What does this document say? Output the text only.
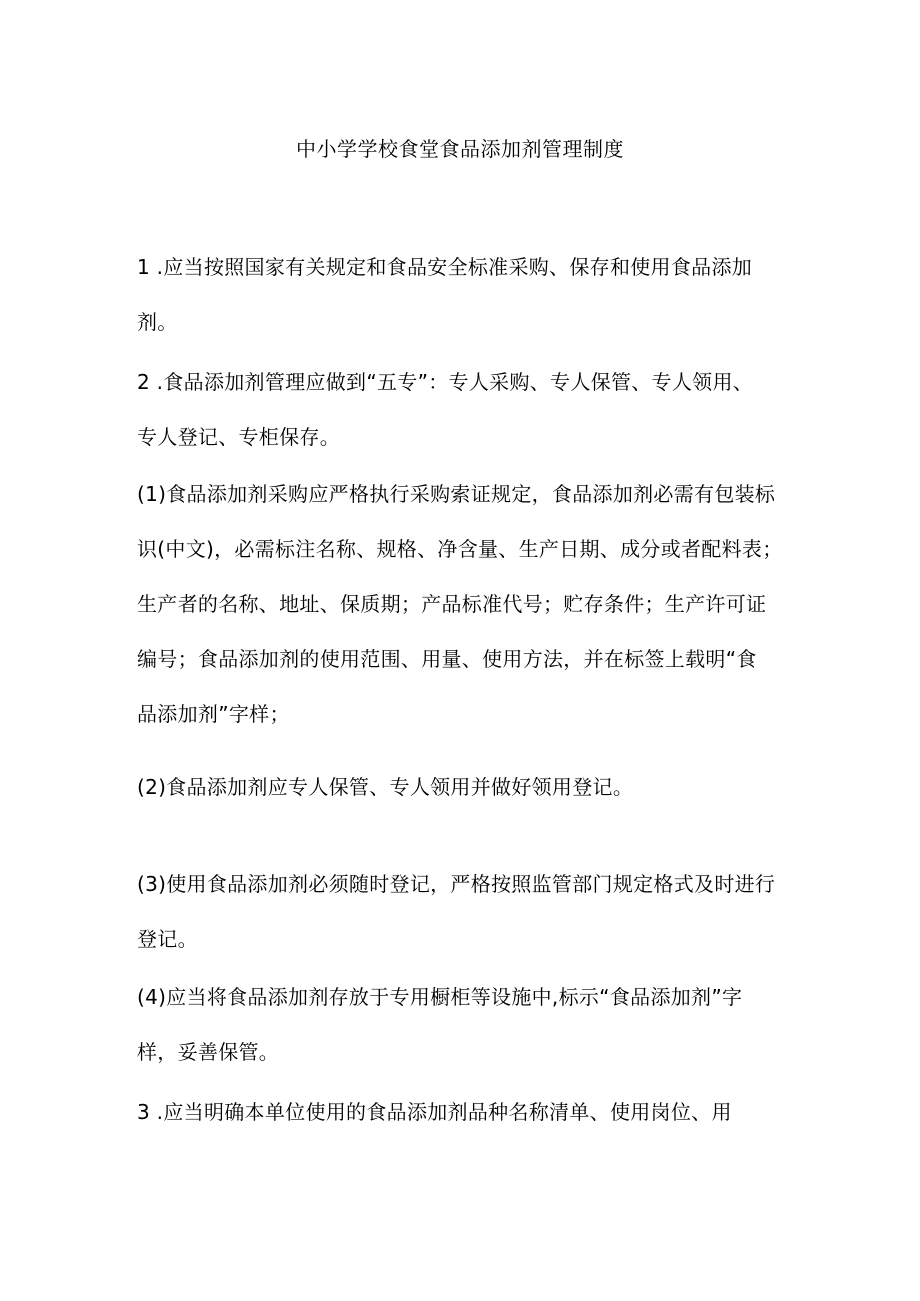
中小学学校食堂食品添加剂管理制度
1 .应当按照国家有关规定和食品安全标准采购、保存和使用食品添加
剂。
2 .食品添加剂管理应做到“五专”：专人采购、专人保管、专人领用、
专人登记、专柜保存。
(1)食品添加剂采购应严格执行采购索证规定，食品添加剂必需有包装标
识(中文)，必需标注名称、规格、净含量、生产日期、成分或者配料表；
生产者的名称、地址、保质期；产品标准代号；贮存条件；生产许可证
编号；食品添加剂的使用范围、用量、使用方法，并在标签上载明“食
品添加剂”字样；
(2)食品添加剂应专人保管、专人领用并做好领用登记。
(3)使用食品添加剂必须随时登记，严格按照监管部门规定格式及时进行
登记。
(4)应当将食品添加剂存放于专用橱柜等设施中,标示“食品添加剂”字
样，妥善保管。
3 .应当明确本单位使用的食品添加剂品种名称清单、使用岗位、用
